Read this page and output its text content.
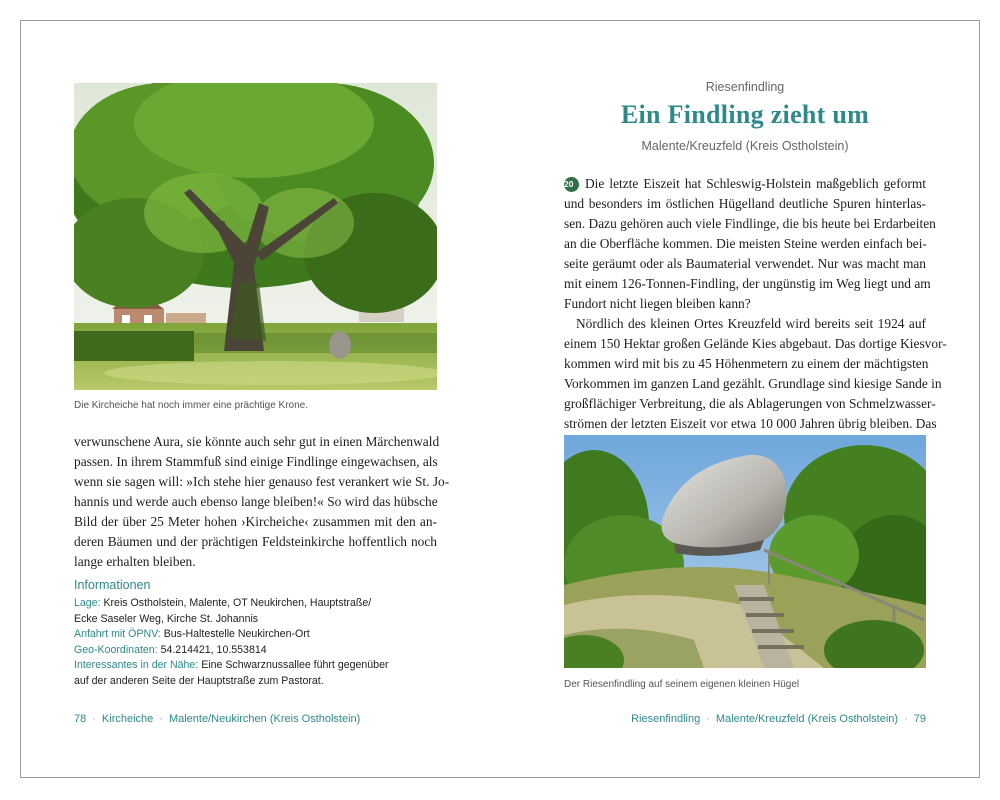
Die Kircheiche hat noch immer eine prächtige Krone.
verwunschene Aura, sie könnte auch sehr gut in einen Märchenwald
passen. In ihrem Stammfuß sind einige Findlinge eingewachsen, als
wenn sie sagen will: »Ich stehe hier genauso fest verankert wie St. Jo-
hannis und werde auch ebenso lange bleiben!« So wird das hübsche
Bild der über 25 Meter hohen ›Kircheiche‹ zusammen mit den an-
deren Bäumen und der prächtigen Feldsteinkirche hoffentlich noch
lange erhalten bleiben.
Informationen
Lage: Kreis Ostholstein, Malente, OT Neukirchen, Hauptstraße/
Ecke Saseler Weg, Kirche St. Johannis
Anfahrt mit ÖPNV: Bus-Haltestelle Neukirchen-Ort
Geo-Koordinaten: 54.214421, 10.553814
Interessantes in der Nähe: Eine Schwarznussallee führt gegenüber
auf der anderen Seite der Hauptstraße zum Pastorat.
78 · Kircheiche · Malente/Neukirchen (Kreis Ostholstein)
Riesenfindling
Ein Findling zieht um
Malente/Kreuzfeld (Kreis Ostholstein)
20 Die letzte Eiszeit hat Schleswig-Holstein maßgeblich geformt
und besonders im östlichen Hügelland deutliche Spuren hinterlas-
sen. Dazu gehören auch viele Findlinge, die bis heute bei Erdarbeiten
an die Oberfläche kommen. Die meisten Steine werden einfach bei-
seite geräumt oder als Baumaterial verwendet. Nur was macht man
mit einem 126-Tonnen-Findling, der ungünstig im Weg liegt und am
Fundort nicht liegen bleiben kann?
Nördlich des kleinen Ortes Kreuzfeld wird bereits seit 1924 auf
einem 150 Hektar großen Gelände Kies abgebaut. Das dortige Kiesvor-
kommen wird mit bis zu 45 Höhenmetern zu einem der mächtigsten
Vorkommen im ganzen Land gezählt. Grundlage sind kiesige Sande in
großflächiger Verbreitung, die als Ablagerungen von Schmelzwasser-
strömen der letzten Eiszeit vor etwa 10 000 Jahren übrig bleiben. Das
Der Riesenfindling auf seinem eigenen kleinen Hügel
Riesenfindling · Malente/Kreuzfeld (Kreis Ostholstein) · 79
